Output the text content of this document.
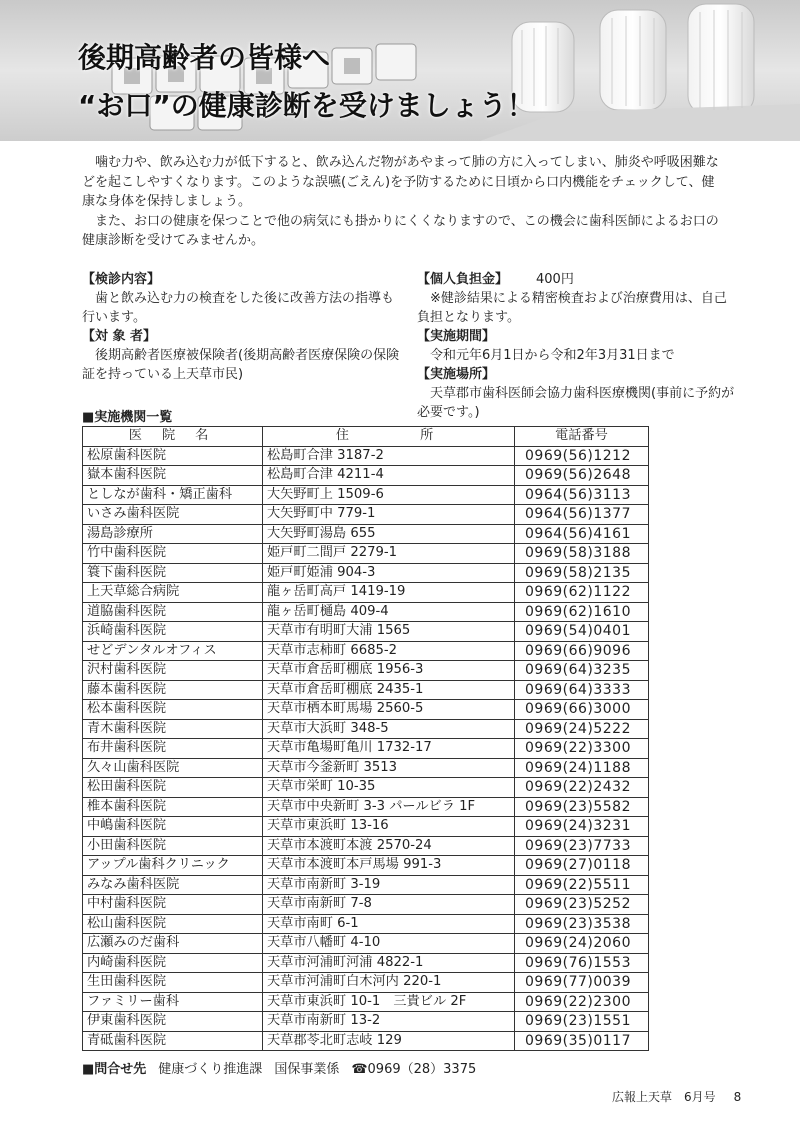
後期高齢者の皆様へ
“お口”の健康診断を受けましょう！

噛む力や、飲み込む力が低下すると、飲み込んだ物があやまって肺の方に入ってしまい、肺炎や呼吸困難などを起こしやすくなります。このような誤嚥(ごえん)を予防するために日頃から口内機能をチェックして、健康な身体を保持しましょう。

また、お口の健康を保つことで他の病気にも掛かりにくくなりますので、この機会に歯科医師によるお口の健康診断を受けてみませんか。

【検診内容】

歯と飲み込む力の検査をした後に改善方法の指導も行います。

【対 象 者】

後期高齢者医療被保険者(後期高齢者医療保険の保険証を持っている上天草市民)

【個人負担金】 400円

※健診結果による精密検査および治療費用は、自己負担となります。

【実施期間】

令和元年6月1日から令和2年3月31日まで

【実施場所】

天草郡市歯科医師会協力歯科医療機関(事前に予約が必要です。)

■実施機関一覧

医 院 名	住　　　所	電話番号
松原歯科医院	松島町合津 3187-2	0969(56)1212
嶽本歯科医院	松島町合津 4211-4	0969(56)2648
としなが歯科・矯正歯科	大矢野町上 1509-6	0964(56)3113
いさみ歯科医院	大矢野町中 779-1	0964(56)1377
湯島診療所	大矢野町湯島 655	0964(56)4161
竹中歯科医院	姫戸町二間戸 2279-1	0969(58)3188
簑下歯科医院	姫戸町姫浦 904-3	0969(58)2135
上天草総合病院	龍ヶ岳町高戸 1419-19	0969(62)1122
道脇歯科医院	龍ヶ岳町樋島 409-4	0969(62)1610
浜崎歯科医院	天草市有明町大浦 1565	0969(54)0401
せどデンタルオフィス	天草市志柿町 6685-2	0969(66)9096
沢村歯科医院	天草市倉岳町棚底 1956-3	0969(64)3235
藤本歯科医院	天草市倉岳町棚底 2435-1	0969(64)3333
松本歯科医院	天草市栖本町馬場 2560-5	0969(66)3000
青木歯科医院	天草市大浜町 348-5	0969(24)5222
布井歯科医院	天草市亀場町亀川 1732-17	0969(22)3300
久々山歯科医院	天草市今釜新町 3513	0969(24)1188
松田歯科医院	天草市栄町 10-35	0969(22)2432
椎本歯科医院	天草市中央新町 3-3 パールビラ 1F	0969(23)5582
中嶋歯科医院	天草市東浜町 13-16	0969(24)3231
小田歯科医院	天草市本渡町本渡 2570-24	0969(23)7733
アップル歯科クリニック	天草市本渡町本戸馬場 991-3	0969(27)0118
みなみ歯科医院	天草市南新町 3-19	0969(22)5511
中村歯科医院	天草市南新町 7-8	0969(23)5252
松山歯科医院	天草市南町 6-1	0969(23)3538
広瀬みのだ歯科	天草市八幡町 4-10	0969(24)2060
内崎歯科医院	天草市河浦町河浦 4822-1	0969(76)1553
生田歯科医院	天草市河浦町白木河内 220-1	0969(77)0039
ファミリー歯科	天草市東浜町 10-1　三貴ビル 2F	0969(22)2300
伊東歯科医院	天草市南新町 13-2	0969(23)1551
青砥歯科医院	天草郡苓北町志岐 129	0969(35)0117

■問合せ先 健康づくり推進課 国保事業係 ☎0969（28）3375

広報上天草　6月号 8
